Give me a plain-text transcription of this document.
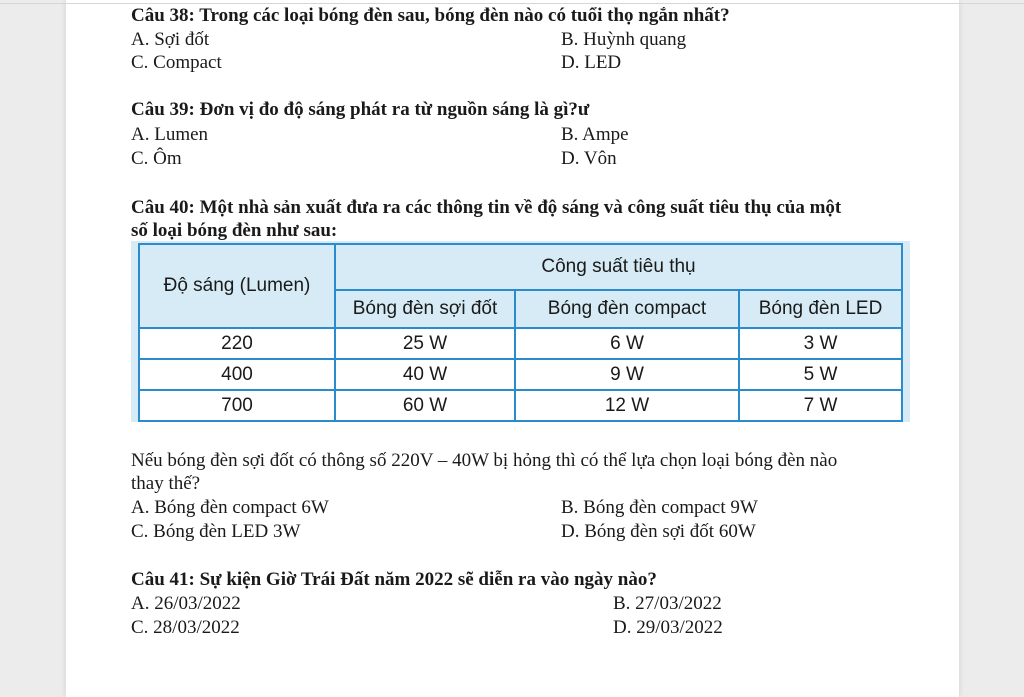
Câu 38: Trong các loại bóng đèn sau, bóng đèn nào có tuổi thọ ngắn nhất?
A. Sợi đốt	B. Huỳnh quang
C. Compact	D. LED
Câu 39: Đơn vị đo độ sáng phát ra từ nguồn sáng là gì?ư
A. Lumen	B. Ampe
C. Ôm	D. Vôn
Câu 40: Một nhà sản xuất đưa ra các thông tin về độ sáng và công suất tiêu thụ của một
số loại bóng đèn như sau:
Độ sáng (Lumen)	Công suất tiêu thụ		
	Bóng đèn sợi đốt	Bóng đèn compact	Bóng đèn LED
220	25 W	6 W	3 W
400	40 W	9 W	5 W
700	60 W	12 W	7 W
Nếu bóng đèn sợi đốt có thông số 220V – 40W bị hỏng thì có thể lựa chọn loại bóng đèn nào
thay thế?
A. Bóng đèn compact 6W	B. Bóng đèn compact 9W
C. Bóng đèn LED 3W	D. Bóng đèn sợi đốt 60W
Câu 41: Sự kiện Giờ Trái Đất năm 2022 sẽ diễn ra vào ngày nào?
A. 26/03/2022	B. 27/03/2022
C. 28/03/2022	D. 29/03/2022
